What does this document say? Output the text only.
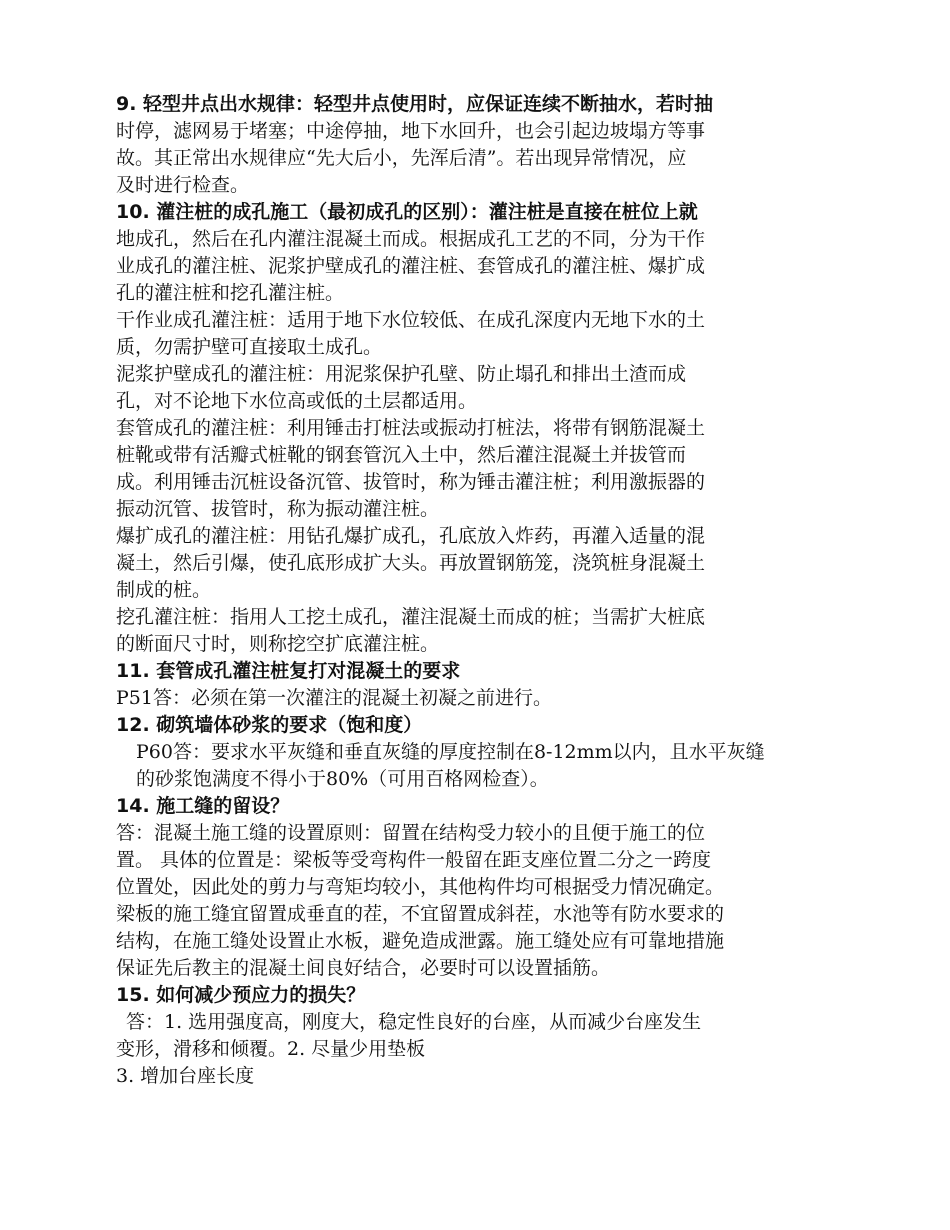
9. 轻型井点出水规律：轻型井点使用时，应保证连续不断抽水，若时抽
时停，滤网易于堵塞；中途停抽，地下水回升，也会引起边坡塌方等事
故。其正常出水规律应“先大后小，先浑后清”。若出现异常情况，应
及时进行检查。
10. 灌注桩的成孔施工（最初成孔的区别）：灌注桩是直接在桩位上就
地成孔，然后在孔内灌注混凝土而成。根据成孔工艺的不同，分为干作
业成孔的灌注桩、泥浆护壁成孔的灌注桩、套管成孔的灌注桩、爆扩成
孔的灌注桩和挖孔灌注桩。
干作业成孔灌注桩：适用于地下水位较低、在成孔深度内无地下水的土
质，勿需护壁可直接取土成孔。
泥浆护壁成孔的灌注桩：用泥浆保护孔壁、防止塌孔和排出土渣而成
孔，对不论地下水位高或低的土层都适用。
套管成孔的灌注桩：利用锤击打桩法或振动打桩法，将带有钢筋混凝土
桩靴或带有活瓣式桩靴的钢套管沉入土中，然后灌注混凝土并拔管而
成。利用锤击沉桩设备沉管、拔管时，称为锤击灌注桩；利用激振器的
振动沉管、拔管时，称为振动灌注桩。
爆扩成孔的灌注桩：用钻孔爆扩成孔，孔底放入炸药，再灌入适量的混
凝土，然后引爆，使孔底形成扩大头。再放置钢筋笼，浇筑桩身混凝土
制成的桩。
挖孔灌注桩：指用人工挖土成孔，灌注混凝土而成的桩；当需扩大桩底
的断面尺寸时，则称挖空扩底灌注桩。
11. 套管成孔灌注桩复打对混凝土的要求
P51答：必须在第一次灌注的混凝土初凝之前进行。
12. 砌筑墙体砂浆的要求（饱和度）
P60答：要求水平灰缝和垂直灰缝的厚度控制在8-12mm以内，且水平灰缝
的砂浆饱满度不得小于80%（可用百格网检查）。
14. 施工缝的留设？
答：混凝土施工缝的设置原则：留置在结构受力较小的且便于施工的位
置。 具体的位置是：梁板等受弯构件一般留在距支座位置二分之一跨度
位置处，因此处的剪力与弯矩均较小，其他构件均可根据受力情况确定。
梁板的施工缝宜留置成垂直的茬，不宜留置成斜茬，水池等有防水要求的
结构，在施工缝处设置止水板，避免造成泄露。施工缝处应有可靠地措施
保证先后教主的混凝土间良好结合，必要时可以设置插筋。
15. 如何减少预应力的损失？
答：1. 选用强度高，刚度大，稳定性良好的台座，从而减少台座发生
变形，滑移和倾覆。2. 尽量少用垫板
3. 增加台座长度
